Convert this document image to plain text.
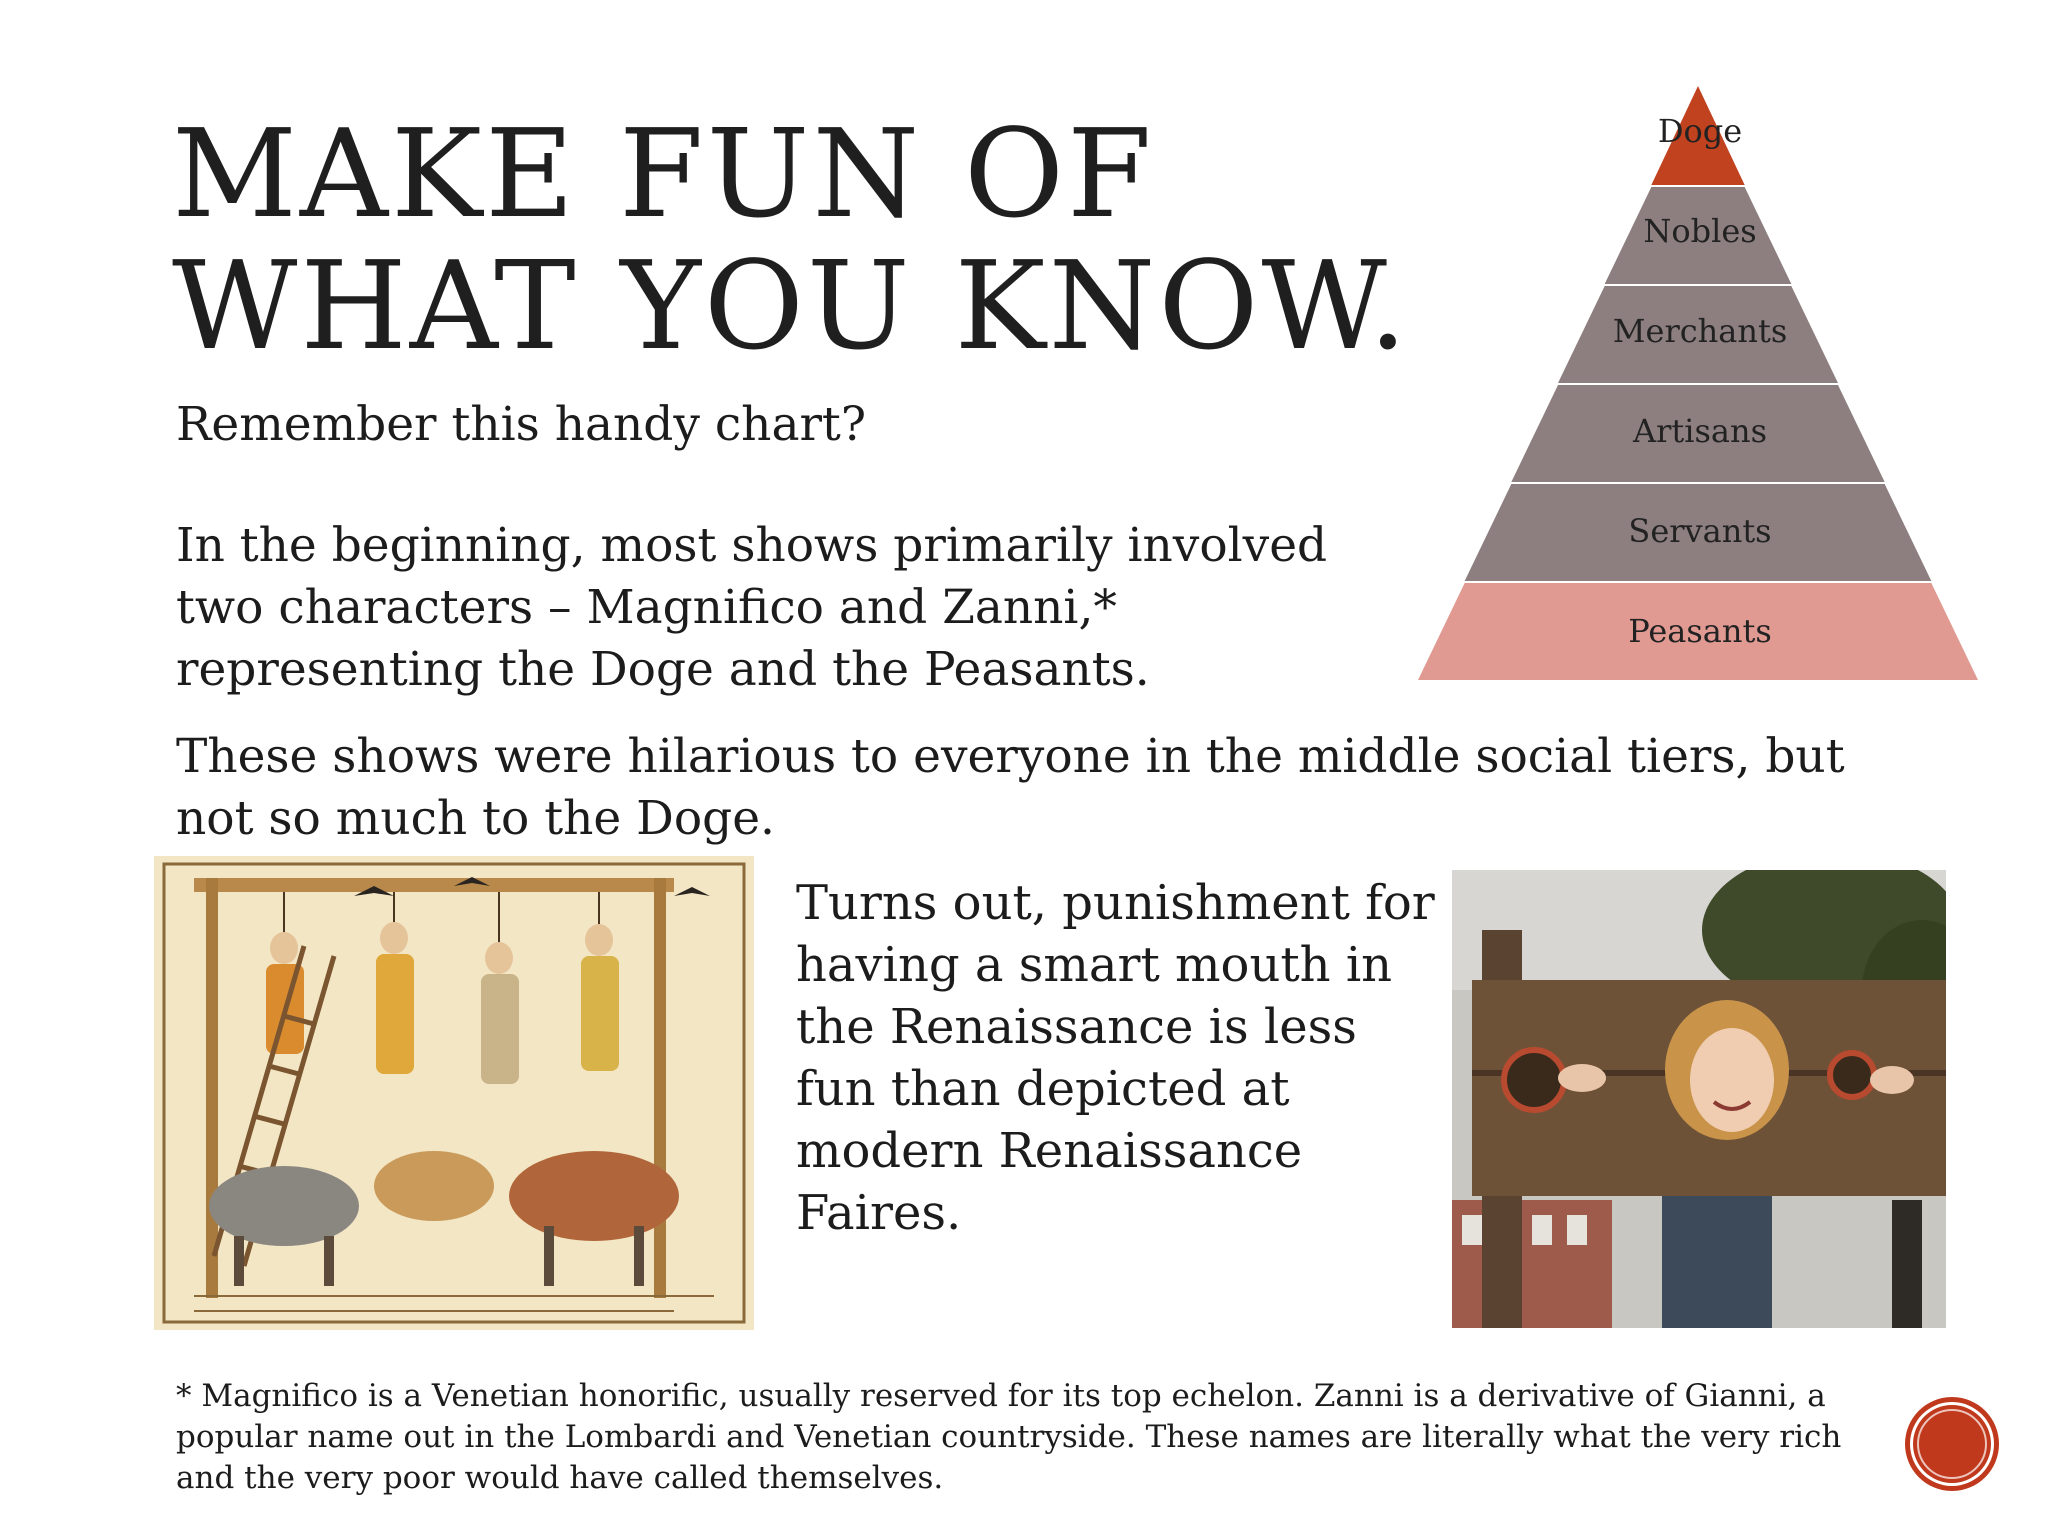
MAKE FUN OF WHAT YOU KNOW.

Remember this handy chart?

In the beginning, most shows primarily involved two characters – Magnifico and Zanni,* representing the Doge and the Peasants.

These shows were hilarious to everyone in the middle social tiers, but not so much to the Doge.

Turns out, punishment for having a smart mouth in the Renaissance is less fun than depicted at modern Renaissance Faires.

Doge
Nobles
Merchants
Artisans
Servants
Peasants

* Magnifico is a Venetian honorific, usually reserved for its top echelon. Zanni is a derivative of Gianni, a popular name out in the Lombardi and Venetian countryside. These names are literally what the very rich and the very poor would have called themselves.
